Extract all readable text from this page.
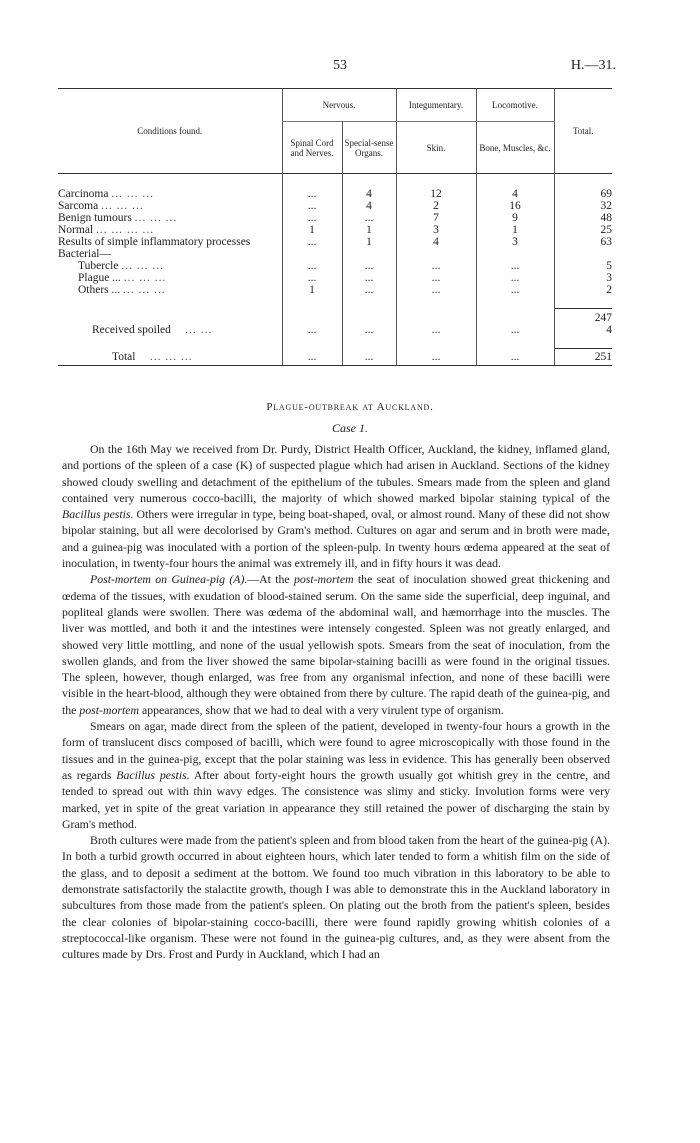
53	H.—31.
Conditions found.	Nervous.		Integumentary.	Locomotive.	Total.
	Spinal Cord and Nerves.	Special-sense Organs.	Skin.	Bone, Muscles, &c.	

Carcinoma ... ... ...	...	4	12	4	69
Sarcoma ... ... ...	...	4	2	16	32
Benign tumours ... ... ...	...	...	7	9	48
Normal ... ... ... ...	1	1	3	1	25
Results of simple inflammatory processes	...	1	4	3	63
Bacterial—					
Tubercle ... ... ...	...	...	...	...	5
Plague ... ... ... ...	...	...	...	...	3
Others ... ... ... ...	1	...	...	...	2

					247
Received spoiled ... ...	...	...	...	...	4

Total ... ... ...	...	...	...	...	251

Plague-outbreak at Auckland.
Case 1.

On the 16th May we received from Dr. Purdy, District Health Officer, Auckland, the kidney, inflamed gland, and portions of the spleen of a case (K) of suspected plague which had arisen in Auckland. Sections of the kidney showed cloudy swelling and detachment of the epithelium of the tubules. Smears made from the spleen and gland contained very numerous cocco-bacilli, the majority of which showed marked bipolar staining typical of the Bacillus pestis. Others were irregular in type, being boat-shaped, oval, or almost round. Many of these did not show bipolar staining, but all were decolorised by Gram's method. Cultures on agar and serum and in broth were made, and a guinea-pig was inoculated with a portion of the spleen-pulp. In twenty hours œdema appeared at the seat of inoculation, in twenty-four hours the animal was extremely ill, and in fifty hours it was dead.

Post-mortem on Guinea-pig (A).—At the post-mortem the seat of inoculation showed great thickening and œdema of the tissues, with exudation of blood-stained serum. On the same side the superficial, deep inguinal, and popliteal glands were swollen. There was œdema of the abdominal wall, and hæmorrhage into the muscles. The liver was mottled, and both it and the intestines were intensely congested. Spleen was not greatly enlarged, and showed very little mottling, and none of the usual yellowish spots. Smears from the seat of inoculation, from the swollen glands, and from the liver showed the same bipolar-staining bacilli as were found in the original tissues. The spleen, however, though enlarged, was free from any organismal infection, and none of these bacilli were visible in the heart-blood, although they were obtained from there by culture. The rapid death of the guinea-pig, and the post-mortem appearances, show that we had to deal with a very virulent type of organism.

Smears on agar, made direct from the spleen of the patient, developed in twenty-four hours a growth in the form of translucent discs composed of bacilli, which were found to agree microscopically with those found in the tissues and in the guinea-pig, except that the polar staining was less in evidence. This has generally been observed as regards Bacillus pestis. After about forty-eight hours the growth usually got whitish grey in the centre, and tended to spread out with thin wavy edges. The consistence was slimy and sticky. Involution forms were very marked, yet in spite of the great variation in appearance they still retained the power of discharging the stain by Gram's method.

Broth cultures were made from the patient's spleen and from blood taken from the heart of the guinea-pig (A). In both a turbid growth occurred in about eighteen hours, which later tended to form a whitish film on the side of the glass, and to deposit a sediment at the bottom. We found too much vibration in this laboratory to be able to demonstrate satisfactorily the stalactite growth, though I was able to demonstrate this in the Auckland laboratory in subcultures from those made from the patient's spleen. On plating out the broth from the patient's spleen, besides the clear colonies of bipolar-staining cocco-bacilli, there were found rapidly growing whitish colonies of a streptococcal-like organism. These were not found in the guinea-pig cultures, and, as they were absent from the cultures made by Drs. Frost and Purdy in Auckland, which I had an
